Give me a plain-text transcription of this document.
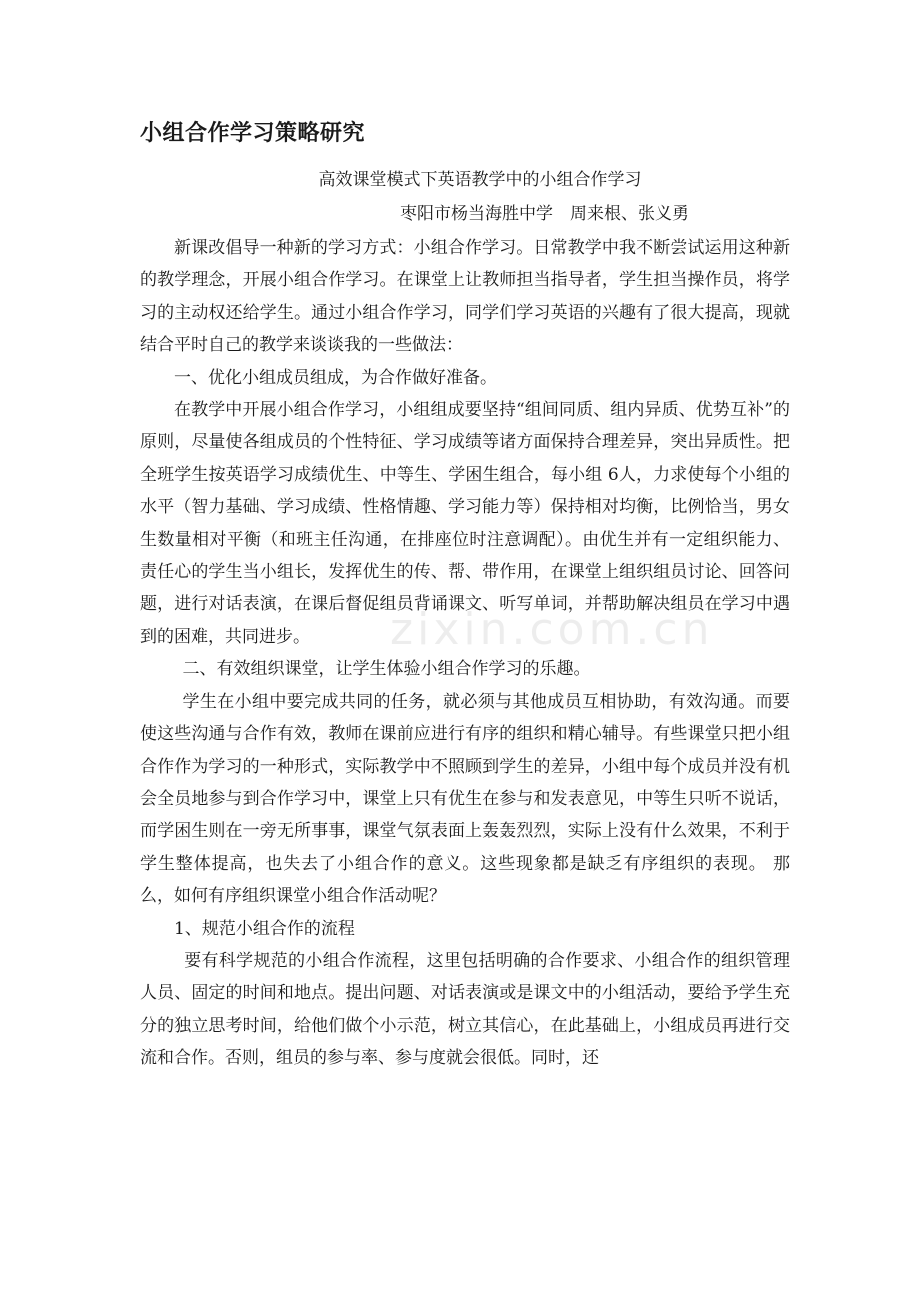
zixin.com.cn
小组合作学习策略研究
高效课堂模式下英语教学中的小组合作学习
枣阳市杨当海胜中学　周来根、张义勇

新课改倡导一种新的学习方式：小组合作学习。日常教学中我不断尝试运用这种新的教学理念，开展小组合作学习。在课堂上让教师担当指导者，学生担当操作员，将学习的主动权还给学生。通过小组合作学习，同学们学习英语的兴趣有了很大提高，现就结合平时自己的教学来谈谈我的一些做法：

一、优化小组成员组成，为合作做好准备。

在教学中开展小组合作学习，小组组成要坚持“组间同质、组内异质、优势互补”的原则，尽量使各组成员的个性特征、学习成绩等诸方面保持合理差异，突出异质性。把全班学生按英语学习成绩优生、中等生、学困生组合，每小组 6人，力求使每个小组的水平（智力基础、学习成绩、性格情趣、学习能力等）保持相对均衡，比例恰当，男女生数量相对平衡（和班主任沟通，在排座位时注意调配）。由优生并有一定组织能力、责任心的学生当小组长，发挥优生的传、帮、带作用，在课堂上组织组员讨论、回答问题，进行对话表演，在课后督促组员背诵课文、听写单词，并帮助解决组员在学习中遇到的困难，共同进步。

二、有效组织课堂，让学生体验小组合作学习的乐趣。

学生在小组中要完成共同的任务，就必须与其他成员互相协助，有效沟通。而要使这些沟通与合作有效，教师在课前应进行有序的组织和精心辅导。有些课堂只把小组合作作为学习的一种形式，实际教学中不照顾到学生的差异，小组中每个成员并没有机会全员地参与到合作学习中，课堂上只有优生在参与和发表意见，中等生只听不说话，而学困生则在一旁无所事事，课堂气氛表面上轰轰烈烈，实际上没有什么效果，不利于学生整体提高，也失去了小组合作的意义。这些现象都是缺乏有序组织的表现。 那么，如何有序组织课堂小组合作活动呢？

1、规范小组合作的流程

要有科学规范的小组合作流程，这里包括明确的合作要求、小组合作的组织管理人员、固定的时间和地点。提出问题、对话表演或是课文中的小组活动，要给予学生充分的独立思考时间，给他们做个小示范，树立其信心，在此基础上，小组成员再进行交流和合作。否则，组员的参与率、参与度就会很低。同时，还
